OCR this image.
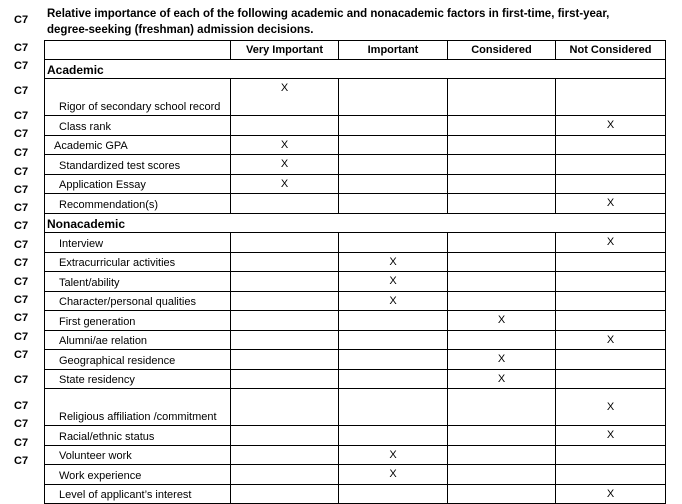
Relative importance of each of the following academic and nonacademic factors in first-time, first-year, degree-seeking (freshman) admission decisions.
	Very Important	Important	Considered	Not Considered
Academic				
Rigor of secondary school record	X			
Class rank				X
Academic GPA	X			
Standardized test scores	X			
Application Essay	X			
Recommendation(s)				X
Nonacademic				
Interview				X
Extracurricular activities		X		
Talent/ability		X		
Character/personal qualities		X		
First generation			X	
Alumni/ae relation				X
Geographical residence			X	
State residency			X	
Religious affiliation /commitment				X
Racial/ethnic status				X
Volunteer work		X		
Work experience		X		
Level of applicant’s interest				X
C7
C7
C7
C7
C7
C7
C7
C7
C7
C7
C7
C7
C7
C7
C7
C7
C7
C7
C7
C7
C7
C7
C7
